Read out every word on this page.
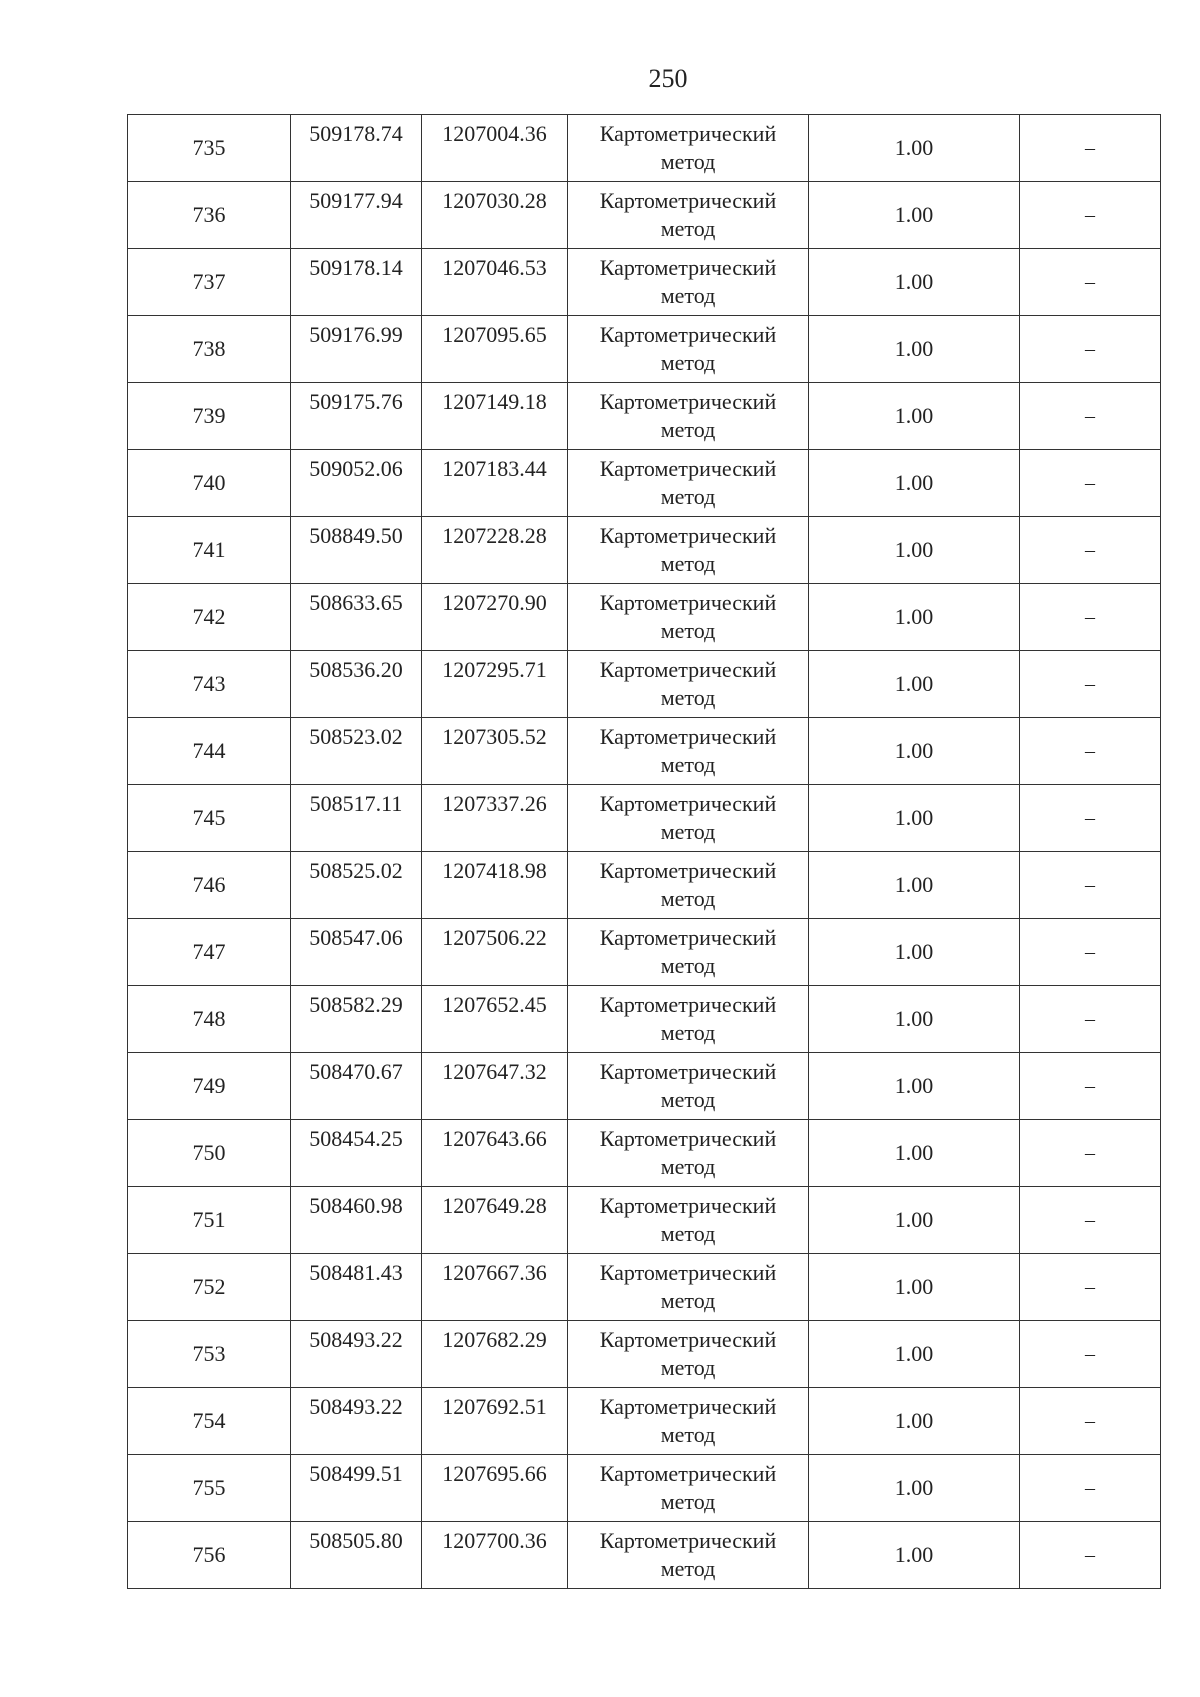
250
735	509178.74	1207004.36	Картометрический
метод	1.00	–
736	509177.94	1207030.28	Картометрический
метод	1.00	–
737	509178.14	1207046.53	Картометрический
метод	1.00	–
738	509176.99	1207095.65	Картометрический
метод	1.00	–
739	509175.76	1207149.18	Картометрический
метод	1.00	–
740	509052.06	1207183.44	Картометрический
метод	1.00	–
741	508849.50	1207228.28	Картометрический
метод	1.00	–
742	508633.65	1207270.90	Картометрический
метод	1.00	–
743	508536.20	1207295.71	Картометрический
метод	1.00	–
744	508523.02	1207305.52	Картометрический
метод	1.00	–
745	508517.11	1207337.26	Картометрический
метод	1.00	–
746	508525.02	1207418.98	Картометрический
метод	1.00	–
747	508547.06	1207506.22	Картометрический
метод	1.00	–
748	508582.29	1207652.45	Картометрический
метод	1.00	–
749	508470.67	1207647.32	Картометрический
метод	1.00	–
750	508454.25	1207643.66	Картометрический
метод	1.00	–
751	508460.98	1207649.28	Картометрический
метод	1.00	–
752	508481.43	1207667.36	Картометрический
метод	1.00	–
753	508493.22	1207682.29	Картометрический
метод	1.00	–
754	508493.22	1207692.51	Картометрический
метод	1.00	–
755	508499.51	1207695.66	Картометрический
метод	1.00	–
756	508505.80	1207700.36	Картометрический
метод	1.00	–
